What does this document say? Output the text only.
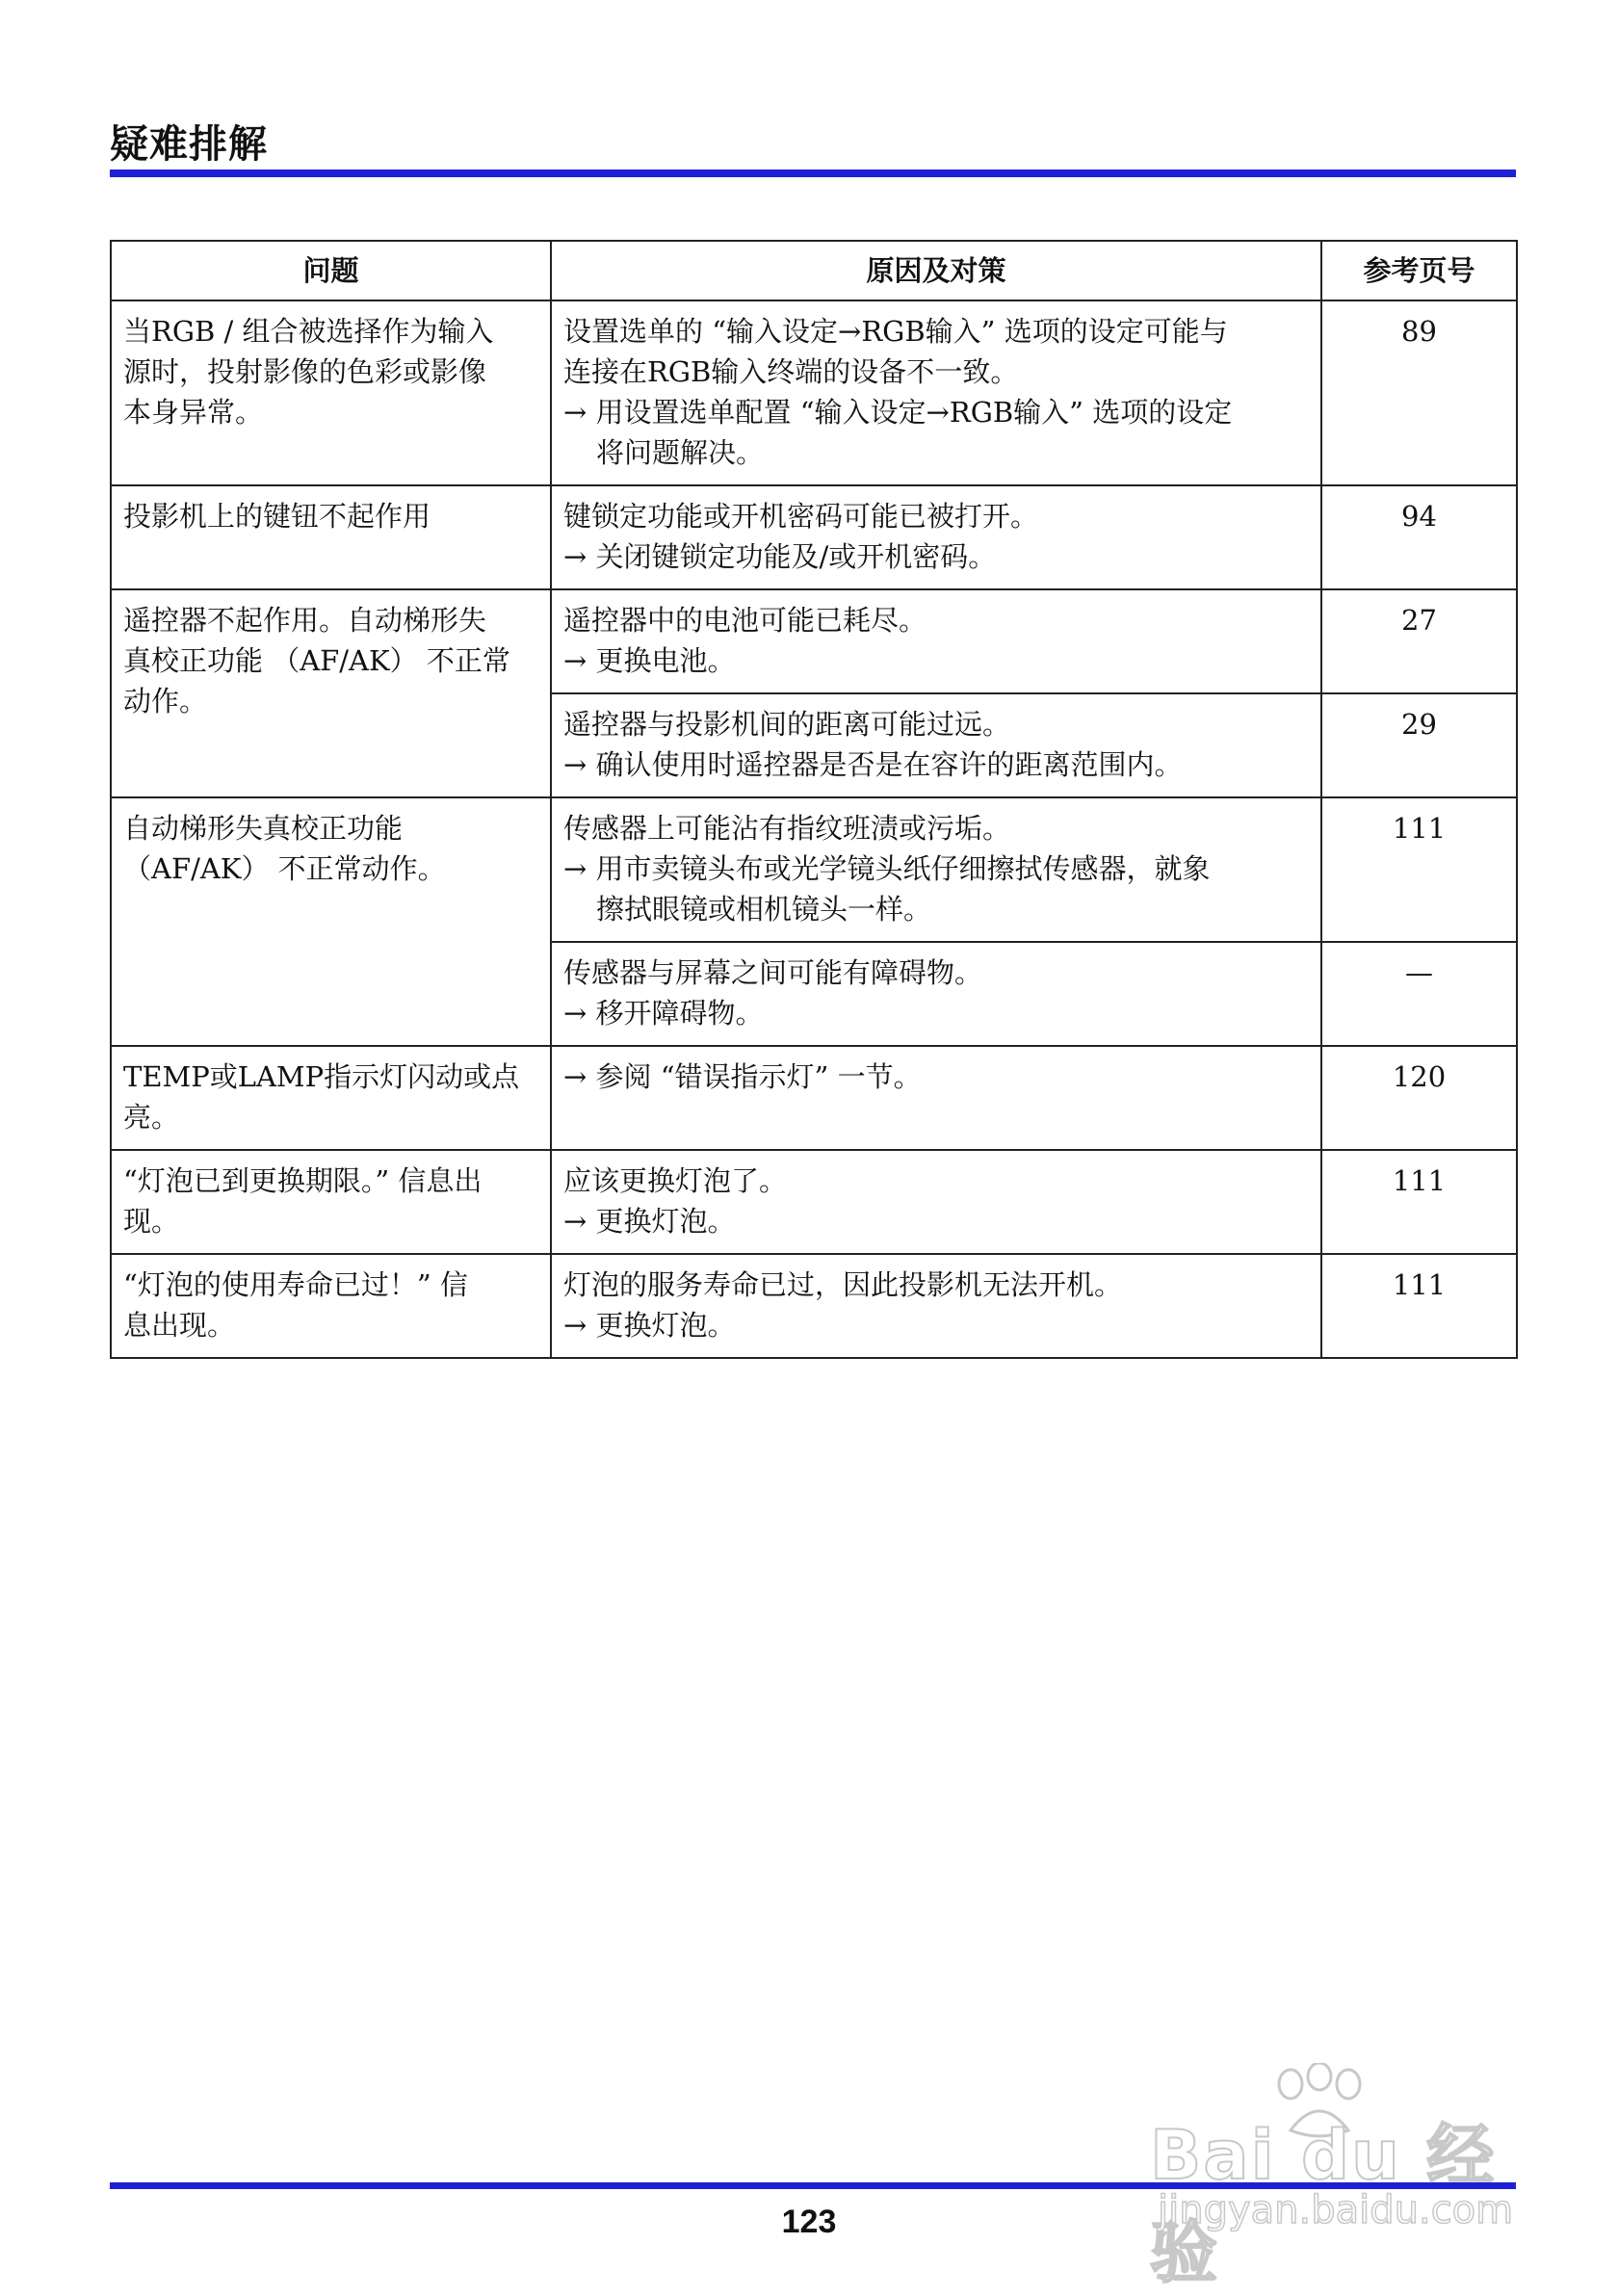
疑难排解
问题	原因及对策	参考页号

当RGB / 组合被选择作为输入
源时，投射影像的色彩或影像
本身异常。	设置选单的 “输入设定→RGB输入” 选项的设定可能与
连接在RGB输入终端的设备不一致。
→ 用设置选单配置 “输入设定→RGB输入” 选项的设定
将问题解决。	89

投影机上的键钮不起作用	键锁定功能或开机密码可能已被打开。
→ 关闭键锁定功能及/或开机密码。	94

遥控器不起作用。自动梯形失
真校正功能 （AF/AK） 不正常
动作。	遥控器中的电池可能已耗尽。
→ 更换电池。	27

	遥控器与投影机间的距离可能过远。
→ 确认使用时遥控器是否是在容许的距离范围内。	29

自动梯形失真校正功能
（AF/AK） 不正常动作。	传感器上可能沾有指纹班渍或污垢。
→ 用市卖镜头布或光学镜头纸仔细擦拭传感器，就象
擦拭眼镜或相机镜头一样。	111

	传感器与屏幕之间可能有障碍物。
→ 移开障碍物。	—

TEMP或LAMP指示灯闪动或点
亮。	→ 参阅 “错误指示灯” 一节。	120

“灯泡已到更换期限。” 信息出
现。	应该更换灯泡了。
→ 更换灯泡。	111

“灯泡的使用寿命已过！” 信
息出现。	灯泡的服务寿命已过，因此投影机无法开机。
→ 更换灯泡。	111
123
Bai du 经验
jingyan.baidu.com
